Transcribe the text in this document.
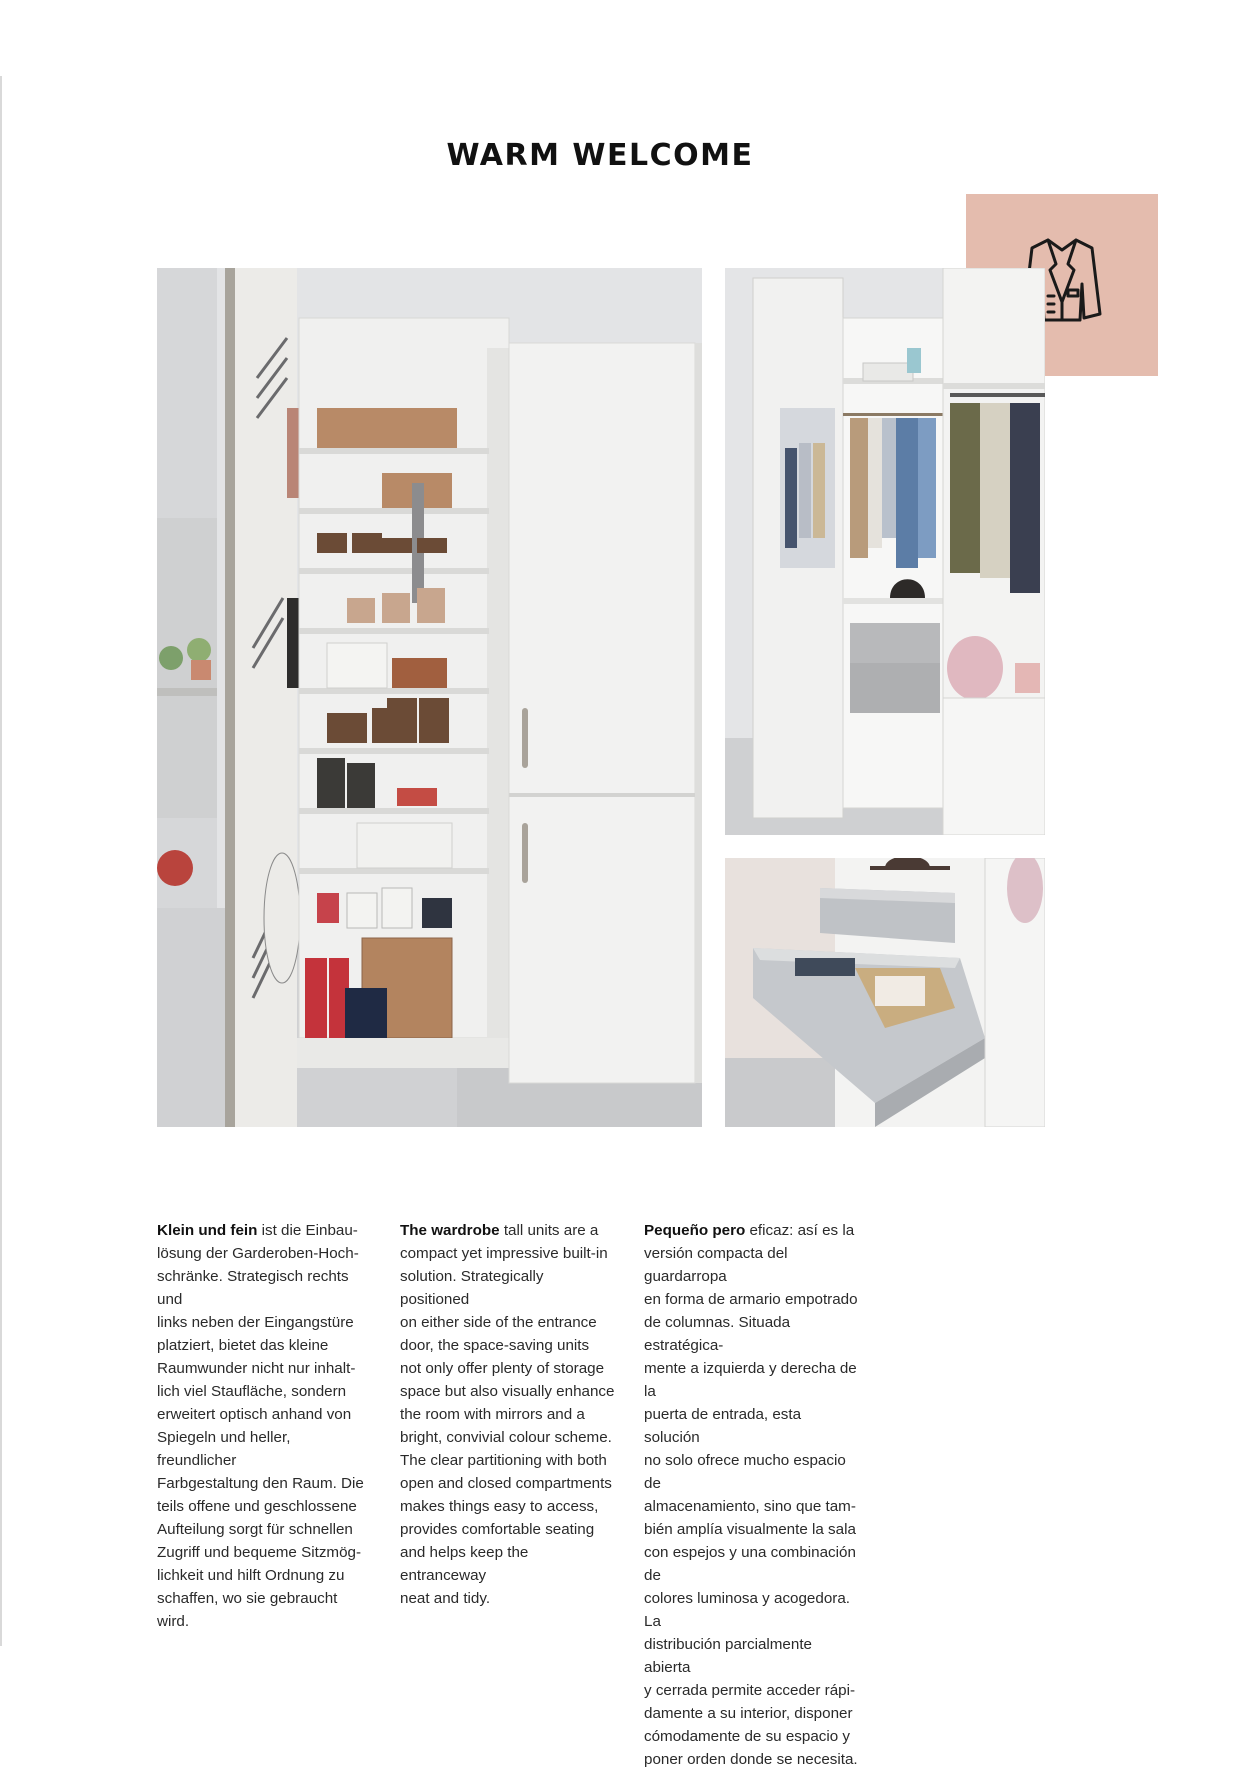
WARM WELCOME

Klein und fein ist die Einbau-
lösung der Garderoben-Hoch-
schränke. Strategisch rechts und
links neben der Eingangstüre
platziert, bietet das kleine
Raumwunder nicht nur inhalt-
lich viel Staufläche, sondern
erweitert optisch anhand von
Spiegeln und heller, freundlicher
Farbgestaltung den Raum. Die
teils offene und geschlossene
Aufteilung sorgt für schnellen
Zugriff und bequeme Sitzmög-
lichkeit und hilft Ordnung zu
schaffen, wo sie gebraucht wird.

The wardrobe tall units are a
compact yet impressive built-in
solution. Strategically positioned
on either side of the entrance
door, the space-saving units
not only offer plenty of storage
space but also visually enhance
the room with mirrors and a
bright, convivial colour scheme.
The clear partitioning with both
open and closed compartments
makes things easy to access,
provides comfortable seating
and helps keep the entranceway
neat and tidy.

Pequeño pero eficaz: así es la
versión compacta del guardarropa
en forma de armario empotrado
de columnas. Situada estratégica-
mente a izquierda y derecha de la
puerta de entrada, esta solución
no solo ofrece mucho espacio de
almacenamiento, sino que tam-
bién amplía visualmente la sala
con espejos y una combinación de
colores luminosa y acogedora. La
distribución parcialmente abierta
y cerrada permite acceder rápi-
damente a su interior, disponer
cómodamente de su espacio y
poner orden donde se necesita.
